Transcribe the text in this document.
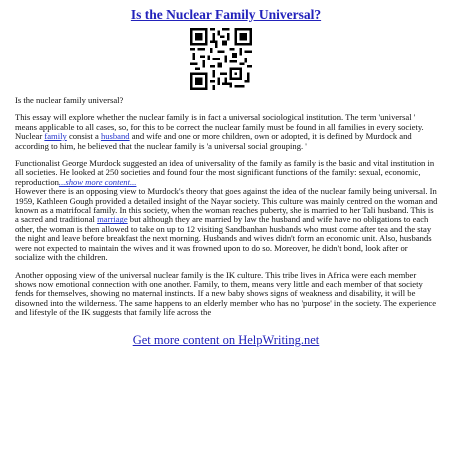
Is the Nuclear Family Universal?

Is the nuclear family universal?

This essay will explore whether the nuclear family is in fact a universal sociological institution. The term 'universal ' means applicable to all cases, so, for this to be correct the nuclear family must be found in all families in every society. Nuclear family consist a husband and wife and one or more children, own or adopted, it is defined by Murdock and according to him, he believed that the nuclear family is 'a universal social grouping. '

Functionalist George Murdock suggested an idea of universality of the family as family is the basic and vital institution in all societies. He looked at 250 societies and found four the most significant functions of the family: sexual, economic, reproduction...show more content...
However there is an opposing view to Murdock's theory that goes against the idea of the nuclear family being universal. In 1959, Kathleen Gough provided a detailed insight of the Nayar society. This culture was mainly centred on the woman and known as a matrifocal family. In this society, when the woman reaches puberty, she is married to her Tali husband. This is a sacred and traditional marriage but although they are married by law the husband and wife have no obligations to each other, the woman is then allowed to take on up to 12 visiting Sandbanhan husbands who must come after tea and the stay the night and leave before breakfast the next morning. Husbands and wives didn't form an economic unit. Also, husbands were not expected to maintain the wives and it was frowned upon to do so. Moreover, he didn't bond, look after or socialize with the children.

Another opposing view of the universal nuclear family is the IK culture. This tribe lives in Africa were each member shows now emotional connection with one another. Family, to them, means very little and each member of that society fends for themselves, showing no maternal instincts. If a new baby shows signs of weakness and disability, it will be disowned into the wilderness. The same happens to an elderly member who has no 'purpose' in the society. The experience and lifestyle of the IK suggests that family life across the

Get more content on HelpWriting.net
